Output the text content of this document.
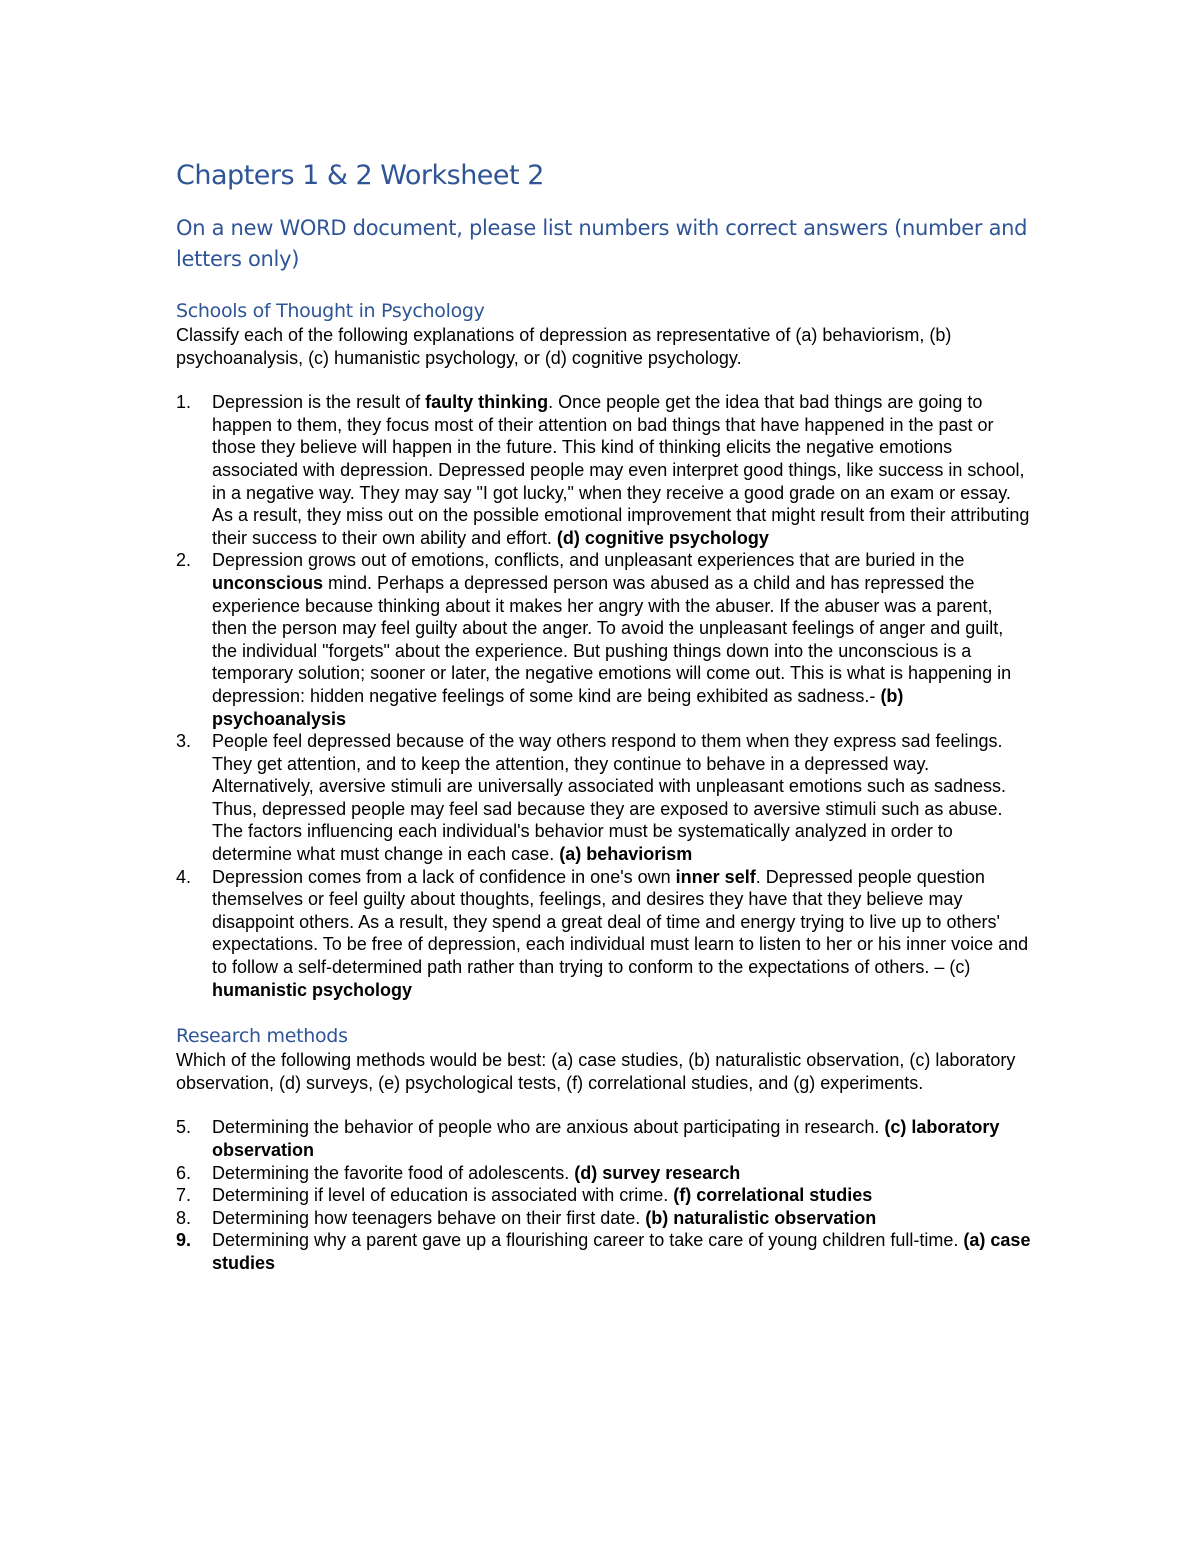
Chapters 1 & 2 Worksheet 2
On a new WORD document, please list numbers with correct answers (number and letters only)
Schools of Thought in Psychology

Classify each of the following explanations of depression as representative of (a) behaviorism, (b) psychoanalysis, (c) humanistic psychology, or (d) cognitive psychology.

1. Depression is the result of faulty thinking. Once people get the idea that bad things are going to happen to them, they focus most of their attention on bad things that have happened in the past or those they believe will happen in the future. This kind of thinking elicits the negative emotions associated with depression. Depressed people may even interpret good things, like success in school, in a negative way. They may say "I got lucky," when they receive a good grade on an exam or essay. As a result, they miss out on the possible emotional improvement that might result from their attributing their success to their own ability and effort. (d) cognitive psychology
2. Depression grows out of emotions, conflicts, and unpleasant experiences that are buried in the unconscious mind. Perhaps a depressed person was abused as a child and has repressed the experience because thinking about it makes her angry with the abuser. If the abuser was a parent, then the person may feel guilty about the anger. To avoid the unpleasant feelings of anger and guilt, the individual "forgets" about the experience. But pushing things down into the unconscious is a temporary solution; sooner or later, the negative emotions will come out. This is what is happening in depression: hidden negative feelings of some kind are being exhibited as sadness.- (b) psychoanalysis
3. People feel depressed because of the way others respond to them when they express sad feelings. They get attention, and to keep the attention, they continue to behave in a depressed way. Alternatively, aversive stimuli are universally associated with unpleasant emotions such as sadness. Thus, depressed people may feel sad because they are exposed to aversive stimuli such as abuse. The factors influencing each individual's behavior must be systematically analyzed in order to determine what must change in each case. (a) behaviorism
4. Depression comes from a lack of confidence in one's own inner self. Depressed people question themselves or feel guilty about thoughts, feelings, and desires they have that they believe may disappoint others. As a result, they spend a great deal of time and energy trying to live up to others' expectations. To be free of depression, each individual must learn to listen to her or his inner voice and to follow a self-determined path rather than trying to conform to the expectations of others. – (c) humanistic psychology
Research methods

Which of the following methods would be best: (a) case studies, (b) naturalistic observation, (c) laboratory observation, (d) surveys, (e) psychological tests, (f) correlational studies, and (g) experiments.

5. Determining the behavior of people who are anxious about participating in research. (c) laboratory observation
6. Determining the favorite food of adolescents. (d) survey research
7. Determining if level of education is associated with crime. (f) correlational studies
8. Determining how teenagers behave on their first date. (b) naturalistic observation
9. Determining why a parent gave up a flourishing career to take care of young children full-time. (a) case studies
